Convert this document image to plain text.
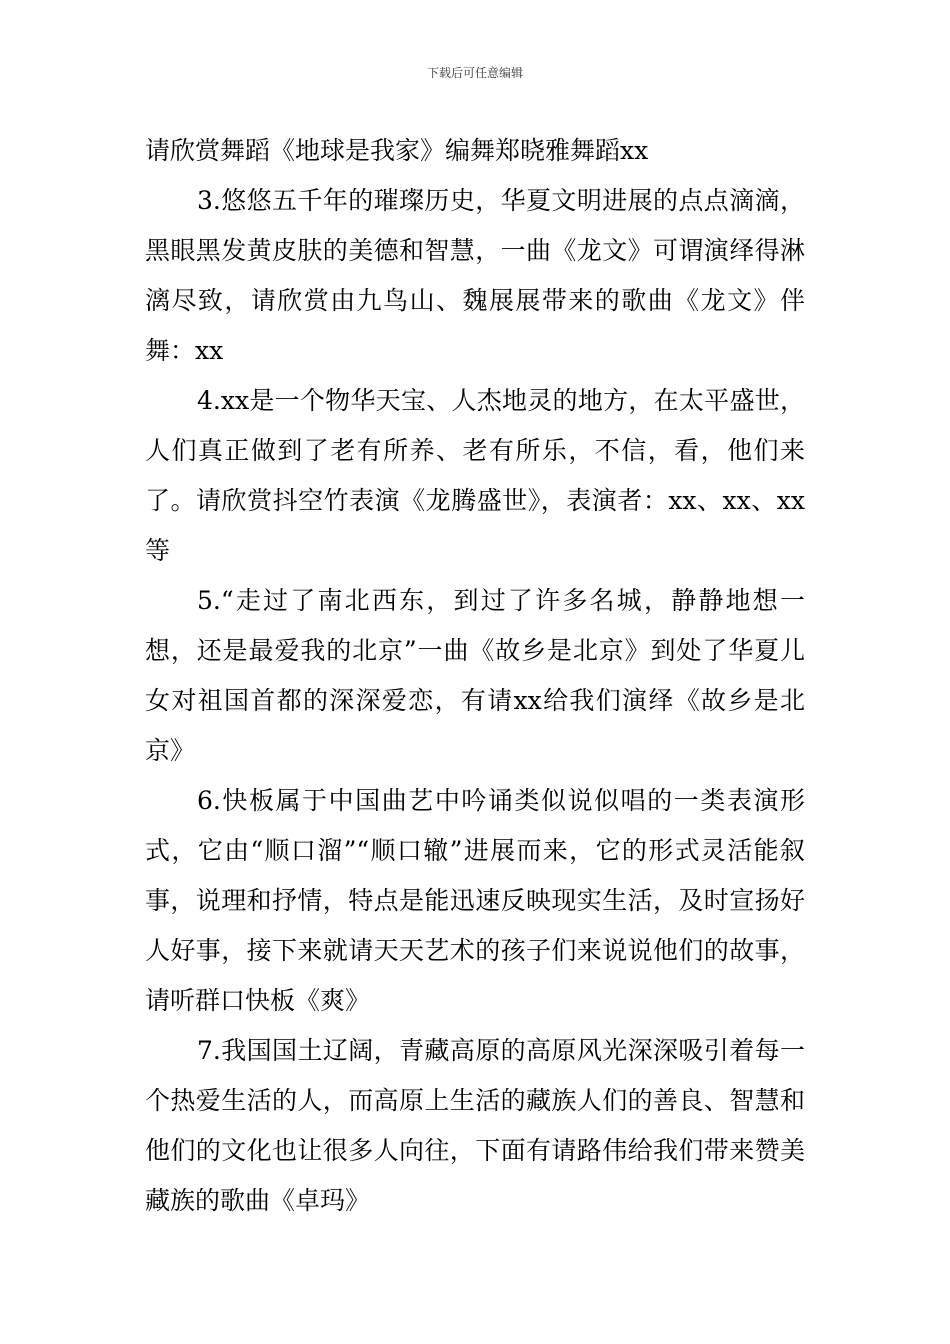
下载后可任意编辑

请欣赏舞蹈《地球是我家》编舞郑晓雅舞蹈xx

3.悠悠五千年的璀璨历史，华夏文明进展的点点滴滴，黑眼黑发黄皮肤的美德和智慧，一曲《龙文》可谓演绎得淋漓尽致，请欣赏由九鸟山、魏展展带来的歌曲《龙文》伴舞：xx

4.xx是一个物华天宝、人杰地灵的地方，在太平盛世，人们真正做到了老有所养、老有所乐，不信，看，他们来了。请欣赏抖空竹表演《龙腾盛世》，表演者：xx、xx、xx等

5.“走过了南北西东，到过了许多名城，静静地想一想，还是最爱我的北京”一曲《故乡是北京》到处了华夏儿女对祖国首都的深深爱恋，有请xx给我们演绎《故乡是北京》

6.快板属于中国曲艺中吟诵类似说似唱的一类表演形式，它由“顺口溜”“顺口辙”进展而来，它的形式灵活能叙事，说理和抒情，特点是能迅速反映现实生活，及时宣扬好人好事，接下来就请天天艺术的孩子们来说说他们的故事，请听群口快板《爽》

7.我国国土辽阔，青藏高原的高原风光深深吸引着每一个热爱生活的人，而高原上生活的藏族人们的善良、智慧和他们的文化也让很多人向往，下面有请路伟给我们带来赞美藏族的歌曲《卓玛》
